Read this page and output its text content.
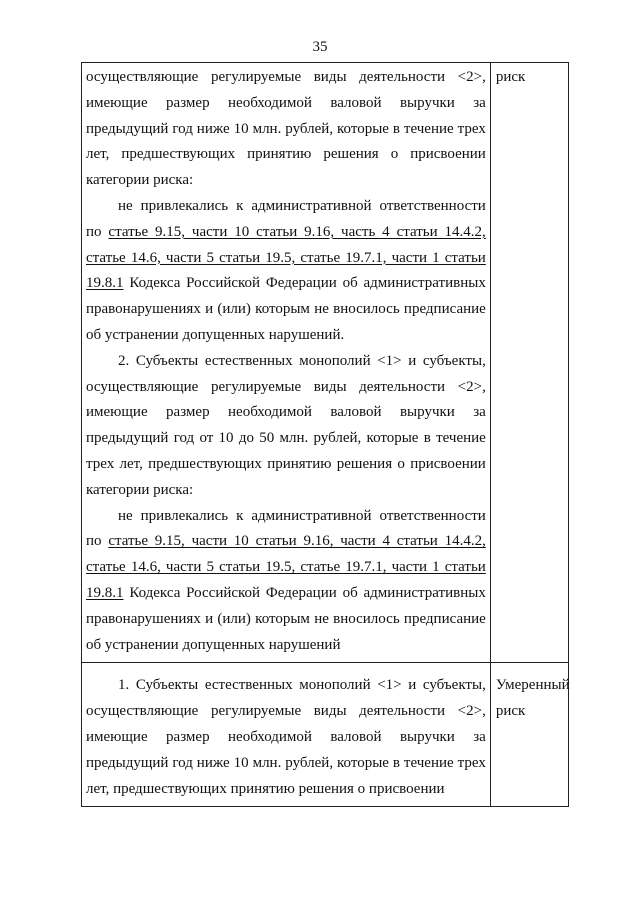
35

осуществляющие регулируемые виды деятельности <2>, имеющие размер необходимой валовой выручки за предыдущий год ниже 10 млн. рублей, которые в течение трех лет, предшествующих принятию решения о присвоении категории риска:

не привлекались к административной ответственности по статье 9.15, части 10 статьи 9.16, часть 4 статьи 14.4.2, статье 14.6, части 5 статьи 19.5, статье 19.7.1, части 1 статьи 19.8.1 Кодекса Российской Федерации об административных правонарушениях и (или) которым не вносилось предписание об устранении допущенных нарушений.

2. Субъекты естественных монополий <1> и субъекты, осуществляющие регулируемые виды деятельности <2>, имеющие размер необходимой валовой выручки за предыдущий год от 10 до 50 млн. рублей, которые в течение трех лет, предшествующих принятию решения о присвоении категории риска:

не привлекались к административной ответственности по статье 9.15, части 10 статьи 9.16, части 4 статьи 14.4.2, статье 14.6, части 5 статьи 19.5, статье 19.7.1, части 1 статьи 19.8.1 Кодекса Российской Федерации об административных правонарушениях и (или) которым не вносилось предписание об устранении допущенных нарушений	риск

1. Субъекты естественных монополий <1> и субъекты, осуществляющие регулируемые виды деятельности <2>, имеющие размер необходимой валовой выручки за предыдущий год ниже 10 млн. рублей, которые в течение трех лет, предшествующих принятию решения о присвоении	Умеренный риск
